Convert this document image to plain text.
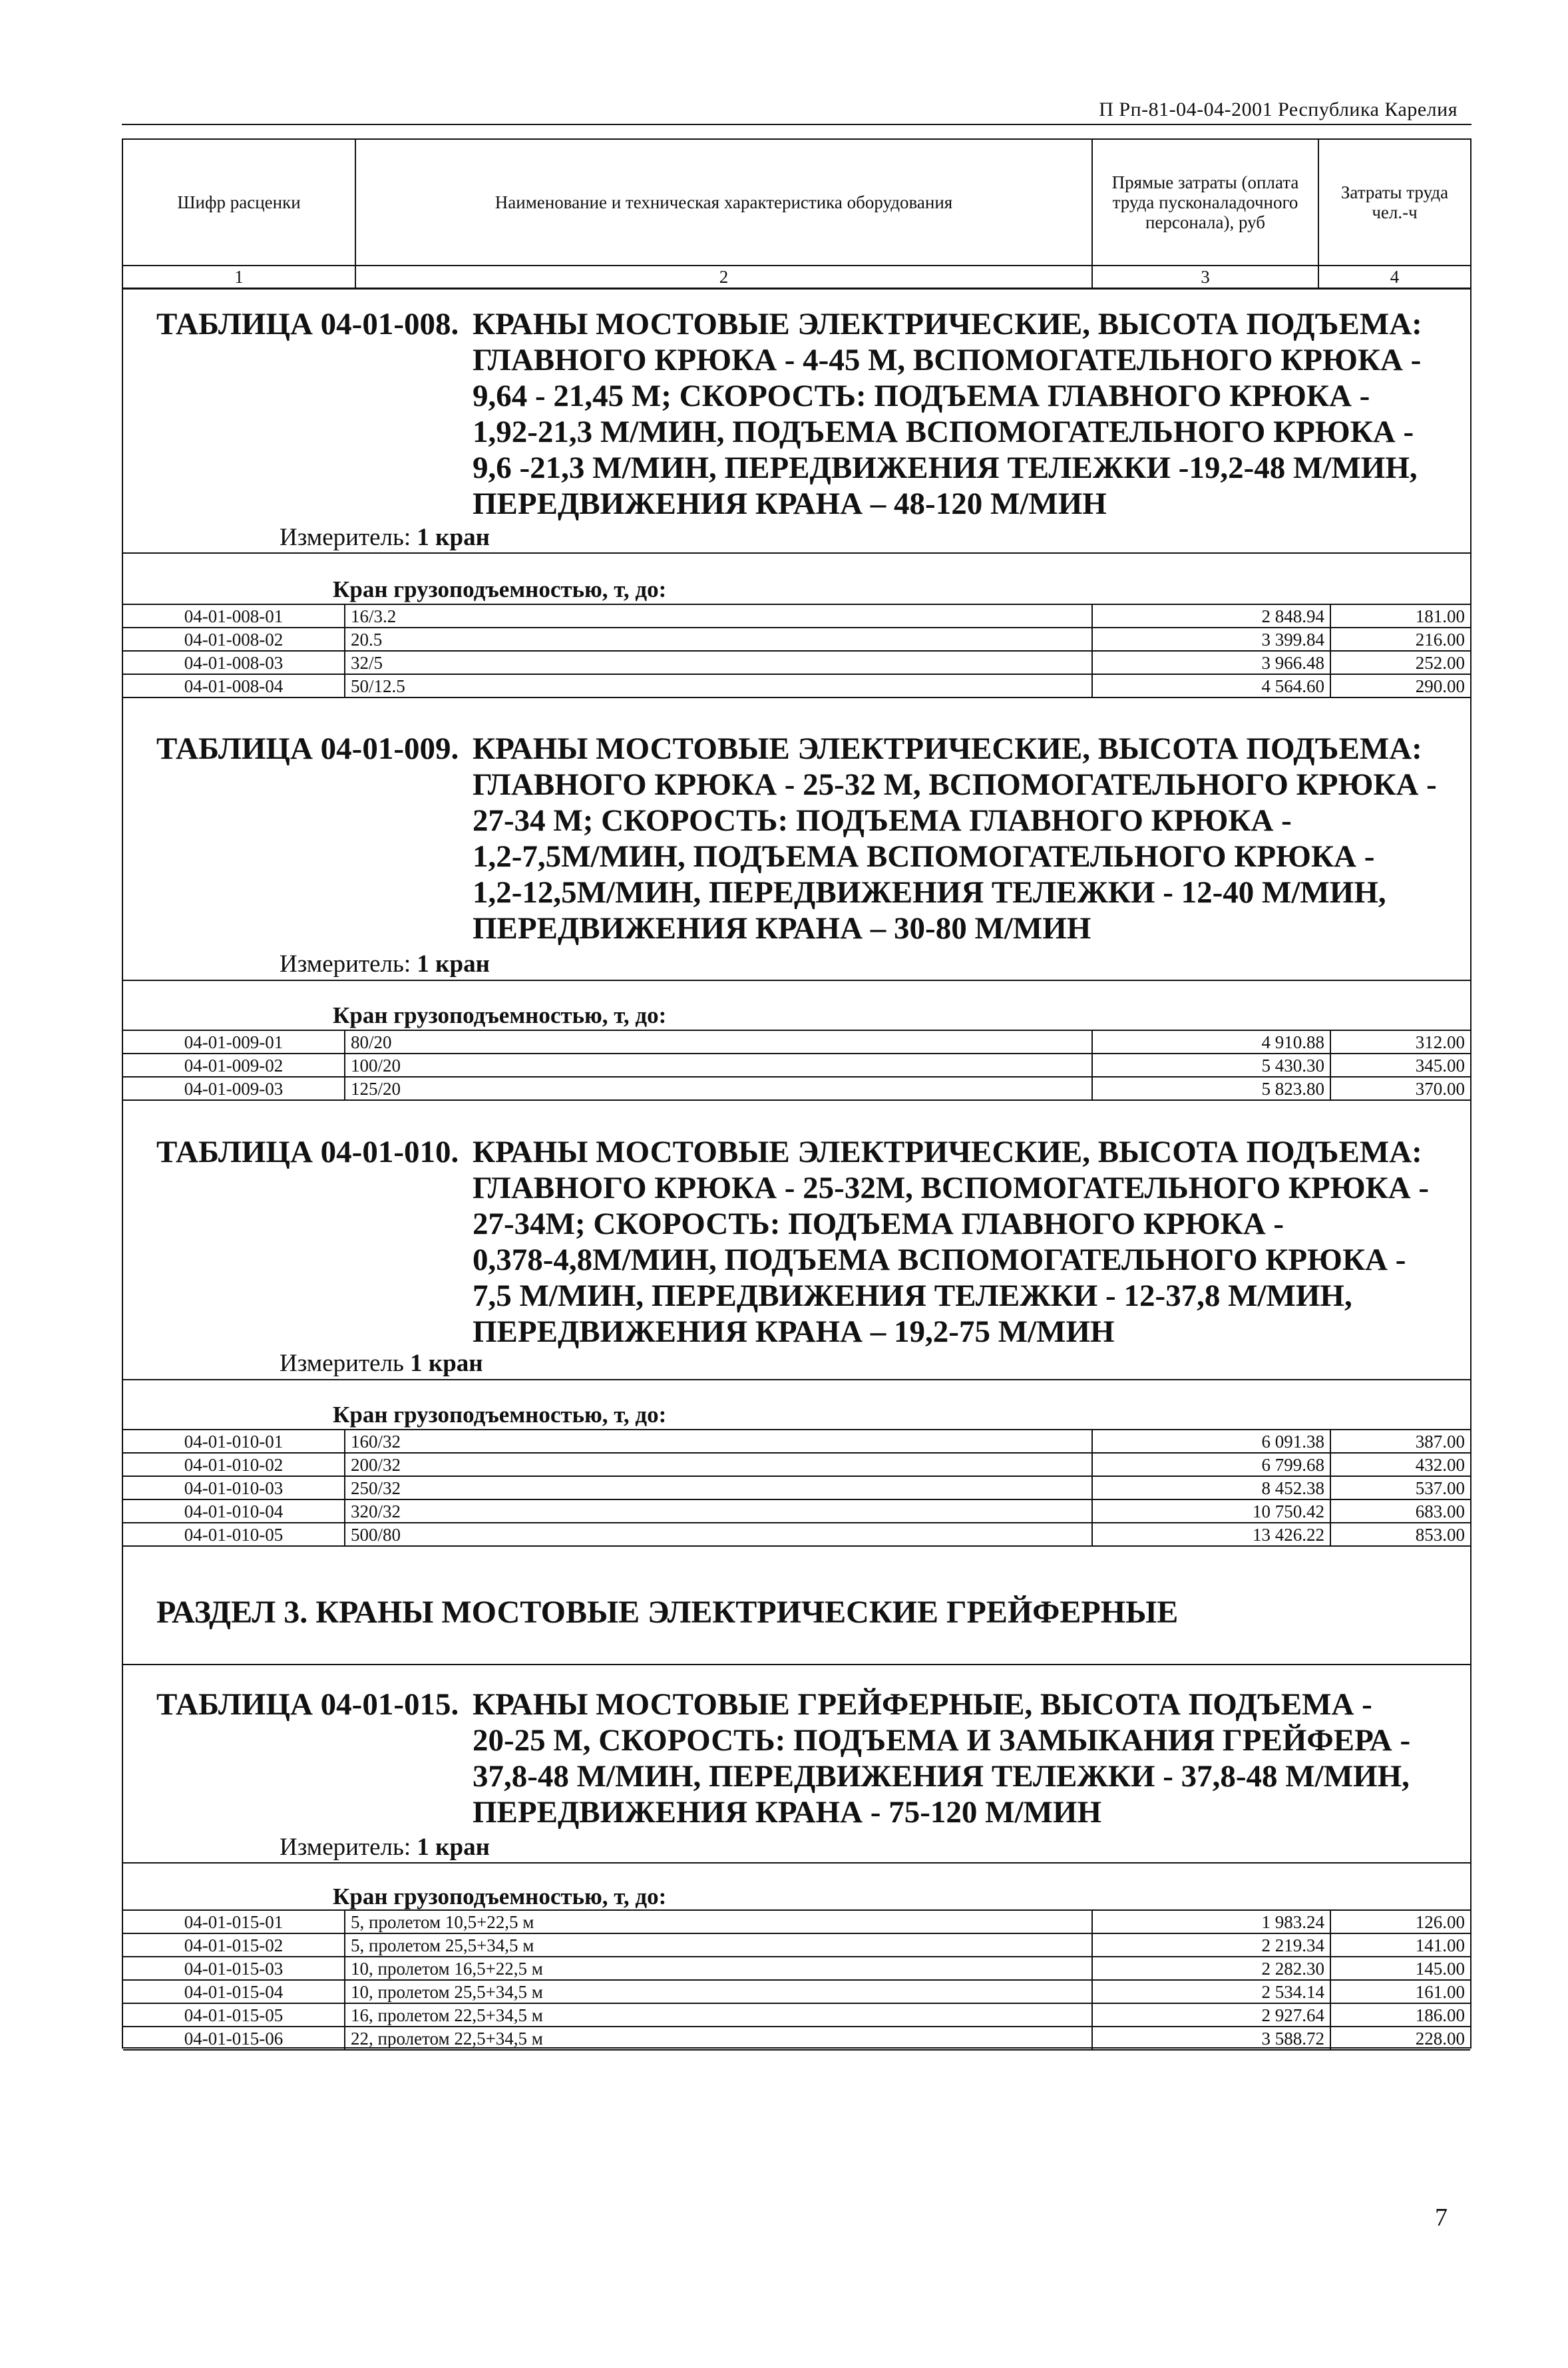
П Рп-81-04-04-2001 Республика Карелия
Шифр расценки	Наименование и техническая характеристика оборудования	Прямые затраты (оплата труда пусконаладочного персонала), руб	Затраты труда чел.-ч
1	2	3	4
ТАБЛИЦА 04-01-008. КРАНЫ МОСТОВЫЕ ЭЛЕКТРИЧЕСКИЕ, ВЫСОТА ПОДЪЕМА:
ГЛАВНОГО КРЮКА - 4-45 М, ВСПОМОГАТЕЛЬНОГО КРЮКА -
9,64 - 21,45 М; СКОРОСТЬ: ПОДЪЕМА ГЛАВНОГО КРЮКА -
1,92-21,3 М/МИН, ПОДЪЕМА ВСПОМОГАТЕЛЬНОГО КРЮКА -
9,6 -21,3 М/МИН, ПЕРЕДВИЖЕНИЯ ТЕЛЕЖКИ -19,2-48 М/МИН,
ПЕРЕДВИЖЕНИЯ КРАНА – 48-120 М/МИН
Измеритель: 1 кран
Кран грузоподъемностью, т, до:
04-01-008-01	16/3.2	2 848.94	181.00
04-01-008-02	20.5	3 399.84	216.00
04-01-008-03	32/5	3 966.48	252.00
04-01-008-04	50/12.5	4 564.60	290.00
ТАБЛИЦА 04-01-009. КРАНЫ МОСТОВЫЕ ЭЛЕКТРИЧЕСКИЕ, ВЫСОТА ПОДЪЕМА:
ГЛАВНОГО КРЮКА - 25-32 М, ВСПОМОГАТЕЛЬНОГО КРЮКА -
27-34 М; СКОРОСТЬ: ПОДЪЕМА ГЛАВНОГО КРЮКА -
1,2-7,5М/МИН, ПОДЪЕМА ВСПОМОГАТЕЛЬНОГО КРЮКА -
1,2-12,5М/МИН, ПЕРЕДВИЖЕНИЯ ТЕЛЕЖКИ - 12-40 М/МИН,
ПЕРЕДВИЖЕНИЯ КРАНА – 30-80 М/МИН
Измеритель: 1 кран
Кран грузоподъемностью, т, до:
04-01-009-01	80/20	4 910.88	312.00
04-01-009-02	100/20	5 430.30	345.00
04-01-009-03	125/20	5 823.80	370.00
ТАБЛИЦА 04-01-010. КРАНЫ МОСТОВЫЕ ЭЛЕКТРИЧЕСКИЕ, ВЫСОТА ПОДЪЕМА:
ГЛАВНОГО КРЮКА - 25-32М, ВСПОМОГАТЕЛЬНОГО КРЮКА -
27-34М; СКОРОСТЬ: ПОДЪЕМА ГЛАВНОГО КРЮКА -
0,378-4,8М/МИН, ПОДЪЕМА ВСПОМОГАТЕЛЬНОГО КРЮКА -
7,5 М/МИН, ПЕРЕДВИЖЕНИЯ ТЕЛЕЖКИ - 12-37,8 М/МИН,
ПЕРЕДВИЖЕНИЯ КРАНА – 19,2-75 М/МИН
Измеритель 1 кран
Кран грузоподъемностью, т, до:
04-01-010-01	160/32	6 091.38	387.00
04-01-010-02	200/32	6 799.68	432.00
04-01-010-03	250/32	8 452.38	537.00
04-01-010-04	320/32	10 750.42	683.00
04-01-010-05	500/80	13 426.22	853.00
РАЗДЕЛ 3. КРАНЫ МОСТОВЫЕ ЭЛЕКТРИЧЕСКИЕ ГРЕЙФЕРНЫЕ
ТАБЛИЦА 04-01-015. КРАНЫ МОСТОВЫЕ ГРЕЙФЕРНЫЕ, ВЫСОТА ПОДЪЕМА -
20-25 М, СКОРОСТЬ: ПОДЪЕМА И ЗАМЫКАНИЯ ГРЕЙФЕРА -
37,8-48 М/МИН, ПЕРЕДВИЖЕНИЯ ТЕЛЕЖКИ - 37,8-48 М/МИН,
ПЕРЕДВИЖЕНИЯ КРАНА - 75-120 М/МИН
Измеритель: 1 кран
Кран грузоподъемностью, т, до:
04-01-015-01	5, пролетом 10,5+22,5 м	1 983.24	126.00
04-01-015-02	5, пролетом 25,5+34,5 м	2 219.34	141.00
04-01-015-03	10, пролетом 16,5+22,5 м	2 282.30	145.00
04-01-015-04	10, пролетом 25,5+34,5 м	2 534.14	161.00
04-01-015-05	16, пролетом 22,5+34,5 м	2 927.64	186.00
04-01-015-06	22, пролетом 22,5+34,5 м	3 588.72	228.00
7
